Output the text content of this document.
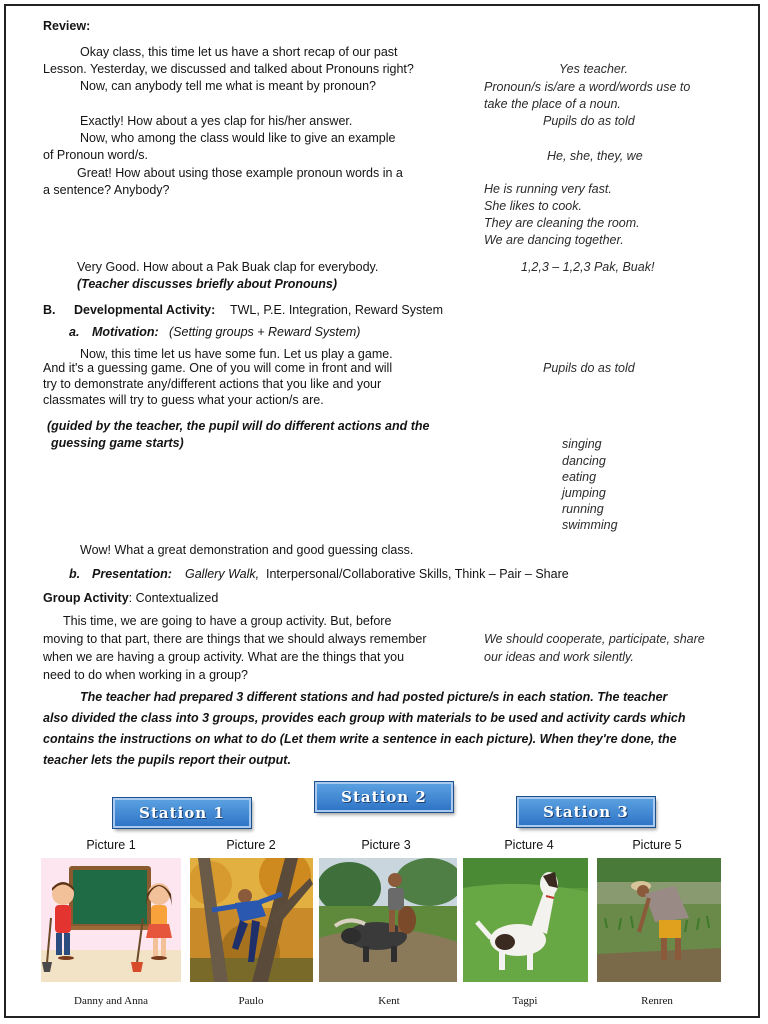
Review:
Okay class, this time let us have a short recap of our past
Lesson. Yesterday, we discussed and talked about Pronouns right?
Now, can anybody tell me what is meant by pronoun?
Exactly! How about a yes clap for his/her answer.
Now, who among the class would like to give an example
of Pronoun word/s.
Great! How about using those example pronoun words in a
a sentence? Anybody?
Very Good. How about a Pak Buak clap for everybody.
(Teacher discusses briefly about Pronouns)
Yes teacher.
Pronoun/s is/are a word/words use to
take the place of a noun.
Pupils do as told
He, she, they, we
He is running very fast.
She likes to cook.
They are cleaning the room.
We are dancing together.
1,2,3 – 1,2,3 Pak, Buak!
B. Developmental Activity: TWL, P.E. Integration, Reward System
a. Motivation: (Setting groups + Reward System)
Now, this time let us have some fun. Let us play a game.
And it's a guessing game. One of you will come in front and will
try to demonstrate any/different actions that you like and your
classmates will try to guess what your action/s are.
Pupils do as told
(guided by the teacher, the pupil will do different actions and the
guessing game starts)	singing
dancing
eating
jumping
running
swimming
Wow! What a great demonstration and good guessing class.
b. Presentation: Gallery Walk, Interpersonal/Collaborative Skills, Think – Pair – Share
Group Activity: Contextualized
This time, we are going to have a group activity. But, before
moving to that part, there are things that we should always remember
when we are having a group activity. What are the things that you
need to do when working in a group?
We should cooperate, participate, share
our ideas and work silently.
The teacher had prepared 3 different stations and had posted picture/s in each station. The teacher
also divided the class into 3 groups, provides each group with materials to be used and activity cards which
contains the instructions on what to do (Let them write a sentence in each picture). When they're done, the
teacher lets the pupils report their output.
Station 1
Station 2
Station 3
Picture 1	Picture 2	Picture 3	Picture 4	Picture 5
Danny and Anna	Paulo	Kent	Tagpi	Renren
